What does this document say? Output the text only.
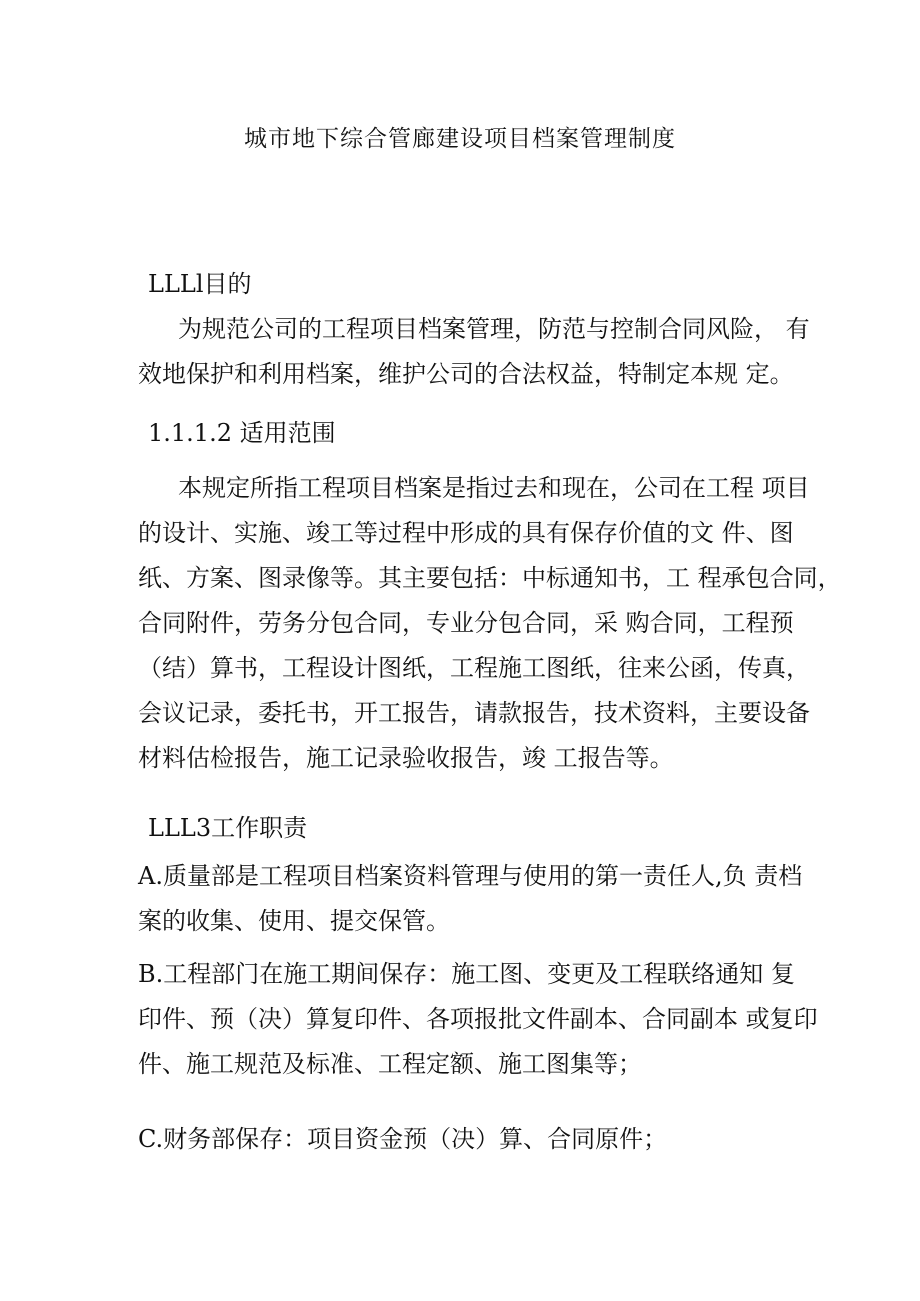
城市地下综合管廊建设项目档案管理制度
LLLl目的
为规范公司的工程项目档案管理，防范与控制合同风险， 有
效地保护和利用档案，维护公司的合法权益，特制定本规 定。
1.1.1.2 适用范围
本规定所指工程项目档案是指过去和现在，公司在工程 项目
的设计、实施、竣工等过程中形成的具有保存价值的文 件、图
纸、方案、图录像等。其主要包括：中标通知书，工 程承包合同，
合同附件，劳务分包合同，专业分包合同，采 购合同，工程预
（结）算书，工程设计图纸，工程施工图纸，往来公函，传真，
会议记录，委托书，开工报告，请款报告，技术资料，主要设备
材料估检报告，施工记录验收报告，竣 工报告等。
LLL3工作职责
A.质量部是工程项目档案资料管理与使用的第一责任人,负 责档
案的收集、使用、提交保管。
B.工程部门在施工期间保存：施工图、变更及工程联络通知 复
印件、预（决）算复印件、各项报批文件副本、合同副本 或复印
件、施工规范及标准、工程定额、施工图集等；
C.财务部保存：项目资金预（决）算、合同原件；
